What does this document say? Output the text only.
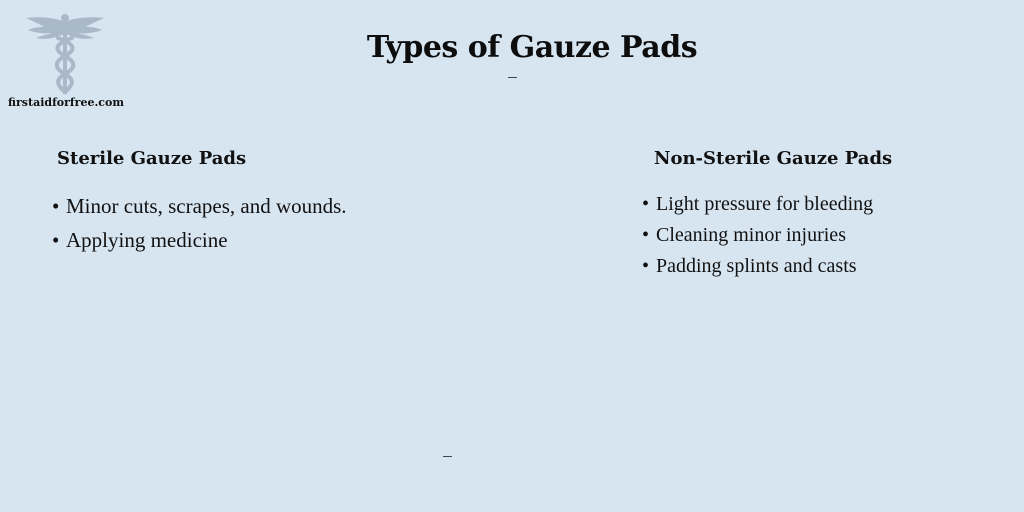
firstaidforfree.com
Types of Gauze Pads
Sterile Gauze Pads
• Minor cuts, scrapes, and wounds.
• Applying medicine
Non-Sterile Gauze Pads
• Light pressure for bleeding
• Cleaning minor injuries
• Padding splints and casts
